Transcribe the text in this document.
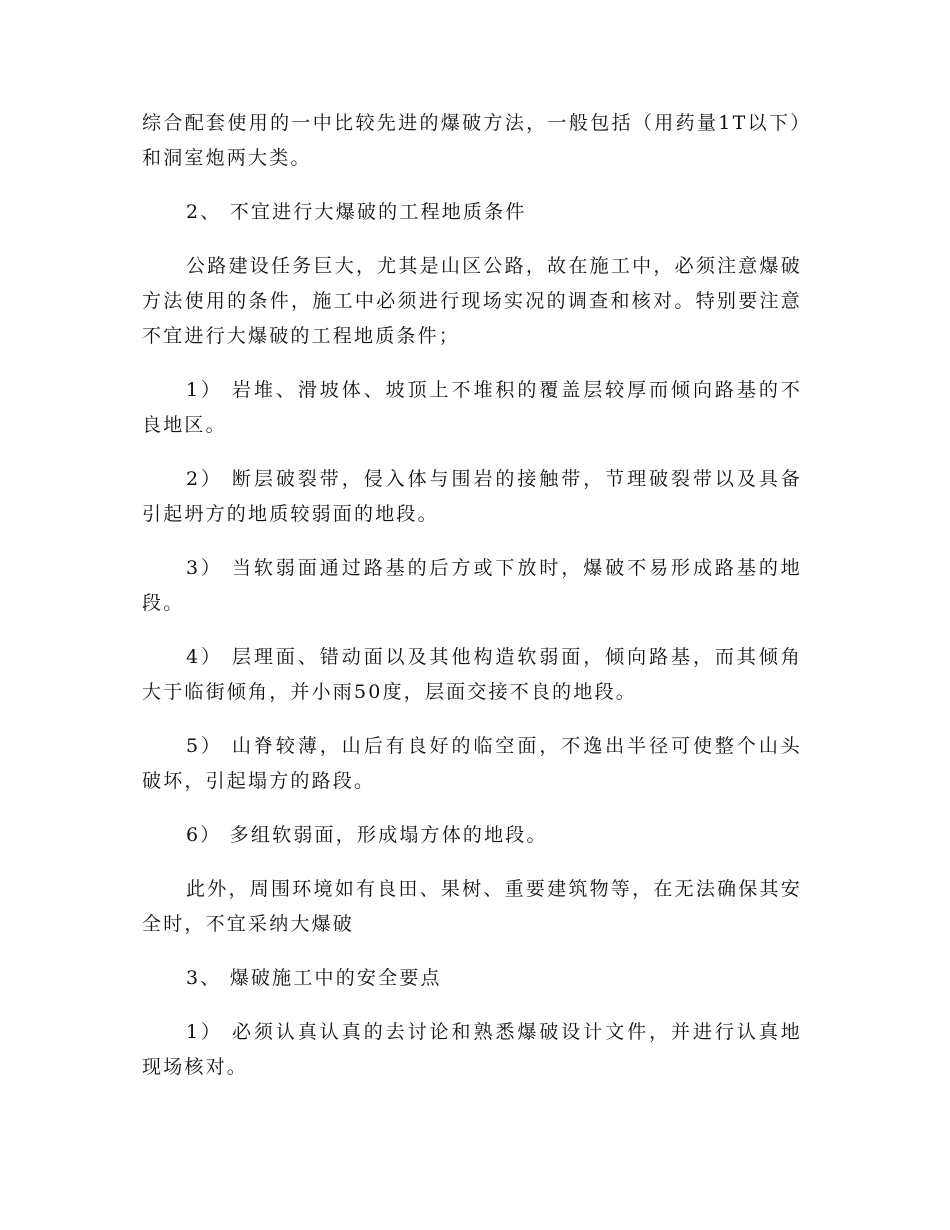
综合配套使用的一中比较先进的爆破方法，一般包括（用药量1T以下）和洞室炮两大类。

2、 不宜进行大爆破的工程地质条件

公路建设任务巨大，尤其是山区公路，故在施工中，必须注意爆破方法使用的条件，施工中必须进行现场实况的调查和核对。特别要注意不宜进行大爆破的工程地质条件；

1） 岩堆、滑坡体、坡顶上不堆积的覆盖层较厚而倾向路基的不良地区。

2） 断层破裂带，侵入体与围岩的接触带，节理破裂带以及具备引起坍方的地质较弱面的地段。

3） 当软弱面通过路基的后方或下放时，爆破不易形成路基的地段。

4） 层理面、错动面以及其他构造软弱面，倾向路基，而其倾角大于临街倾角，并小雨50度，层面交接不良的地段。

5） 山脊较薄，山后有良好的临空面，不逸出半径可使整个山头破坏，引起塌方的路段。

6） 多组软弱面，形成塌方体的地段。

此外，周围环境如有良田、果树、重要建筑物等，在无法确保其安全时，不宜采纳大爆破

3、 爆破施工中的安全要点

1） 必须认真认真的去讨论和熟悉爆破设计文件，并进行认真地现场核对。
